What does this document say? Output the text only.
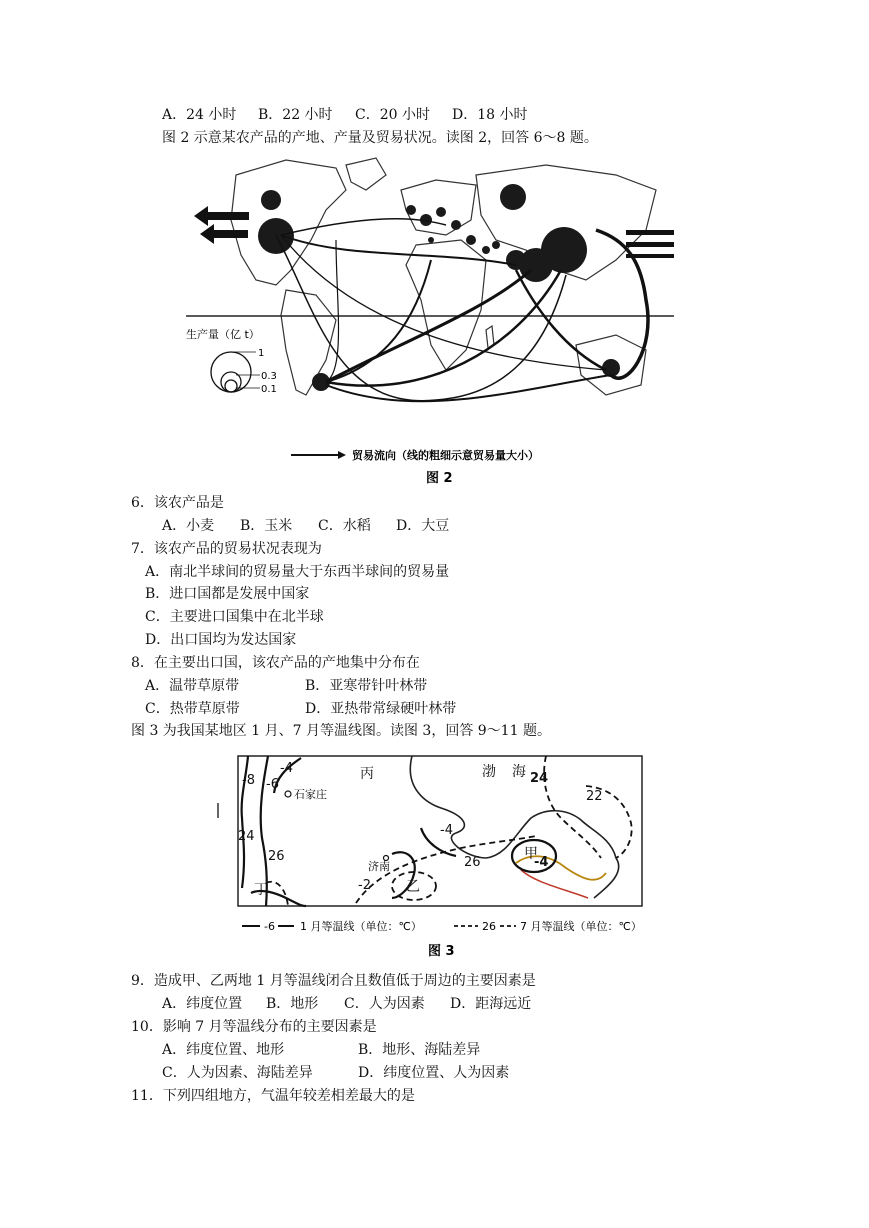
A．24 小时 B．22 小时 C．20 小时 D．18 小时
图 2 示意某农产品的产地、产量及贸易状况。读图 2，回答 6～8 题。
生产量（亿 t）
1
0.3
0.1
贸易流向（线的粗细示意贸易量大小）
图 2
6．该农产品是
A．小麦 B．玉米 C．水稻 D．大豆
7．该农产品的贸易状况表现为
A．南北半球间的贸易量大于东西半球间的贸易量
B．进口国都是发展中国家
C．主要进口国集中在北半球
D．出口国均为发达国家
8．在主要出口国，该农产品的产地集中分布在
A．温带草原带	B．亚寒带针叶林带
C．热带草原带	D．亚热带常绿硬叶林带
图 3 为我国某地区 1 月、7 月等温线图。读图 3，回答 9～11 题。
-8 -6
-4
-4
-4
-2
24
26	26
24
22
丙	渤 海
甲
乙
丁
石家庄
济南
-6 1 月等温线（单位：℃）	26 7 月等温线（单位：℃）
图 3
9．造成甲、乙两地 1 月等温线闭合且数值低于周边的主要因素是
A．纬度位置 B．地形 C．人为因素 D．距海远近
10．影响 7 月等温线分布的主要因素是
A．纬度位置、地形	B．地形、海陆差异
C．人为因素、海陆差异	D．纬度位置、人为因素
11．下列四组地方，气温年较差相差最大的是
